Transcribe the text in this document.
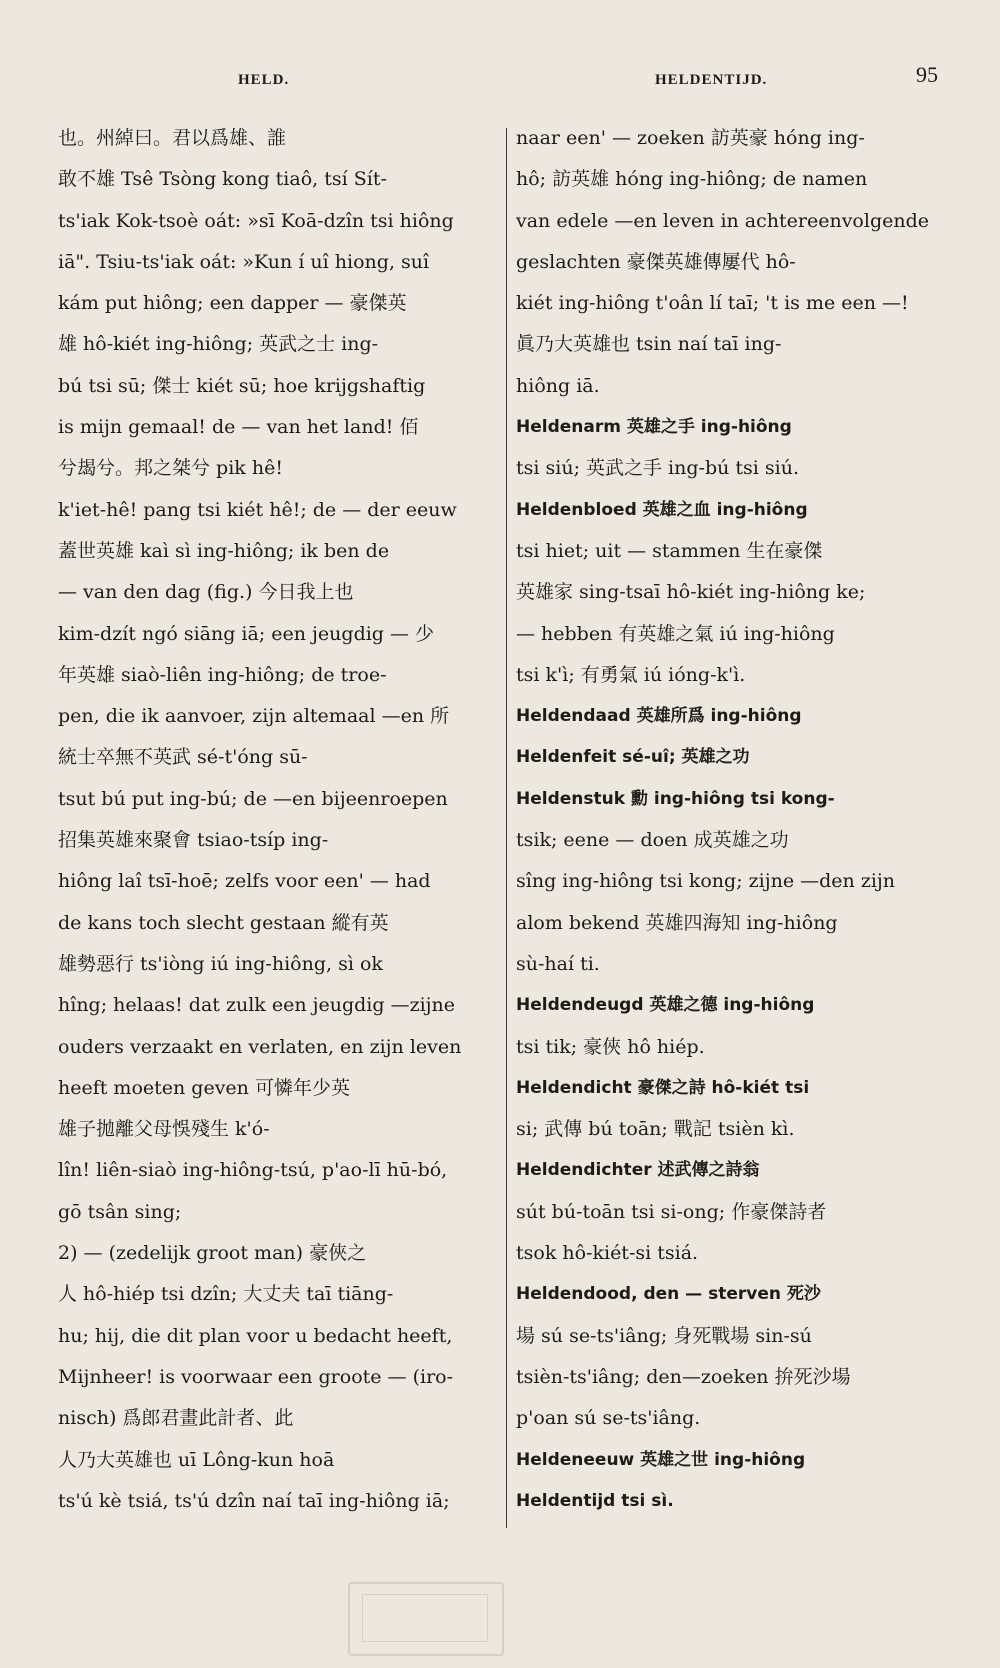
HELD.	HELDENTIJD.	95
也。州綽曰。君以爲雄、誰
敢不雄 Tsê Tsòng kong tiaô, tsí Sít-
ts'iak Kok-tsoè oát: »sī Koā-dzîn tsi hiông
iā". Tsiu-ts'iak oát: »Kun í uî hiong, suî
kám put hiông; een dapper — 豪傑英
雄 hô-kiét ing-hiông; 英武之士 ing-
bú tsi sū; 傑士 kiét sū; hoe krijgshaftig
is mijn gemaal! de — van het land! 佰
兮朅兮。邦之桀兮 pik hê!
k'iet-hê! pang tsi kiét hê!; de — der eeuw
蓋世英雄 kaì sì ing-hiông; ik ben de
— van den dag (fig.) 今日我上也
kim-dzít ngó siāng iā; een jeugdig — 少
年英雄 siaò-liên ing-hiông; de troe-
pen, die ik aanvoer, zijn altemaal —en 所
統士卒無不英武 sé-t'óng sū-
tsut bú put ing-bú; de —en bijeenroepen
招集英雄來聚會 tsiao-tsíp ing-
hiông laî tsī-hoē; zelfs voor een' — had
de kans toch slecht gestaan 縱有英
雄勢惡行 ts'iòng iú ing-hiông, sì ok
hîng; helaas! dat zulk een jeugdig —zijne
ouders verzaakt en verlaten, en zijn leven
heeft moeten geven 可憐年少英
雄子拋離父母悞殘生 k'ó-
lîn! liên-siaò ing-hiông-tsú, p'ao-lī hū-bó,
gō tsân sing;
2) — (zedelijk groot man) 豪俠之
人 hô-hiép tsi dzîn; 大丈夫 taī tiāng-
hu; hij, die dit plan voor u bedacht heeft,
Mijnheer! is voorwaar een groote — (iro-
nisch) 爲郎君畫此計者、此
人乃大英雄也 uī Lông-kun hoā
ts'ú kè tsiá, ts'ú dzîn naí taī ing-hiông iā;
naar een' — zoeken 訪英豪 hóng ing-
hô; 訪英雄 hóng ing-hiông; de namen
van edele —en leven in achtereenvolgende
geslachten 豪傑英雄傳屢代 hô-
kiét ing-hiông t'oân lí taī; 't is me een —!
眞乃大英雄也 tsin naí taī ing-
hiông iā.
Heldenarm 英雄之手 ing-hiông
tsi siú; 英武之手 ing-bú tsi siú.
Heldenbloed 英雄之血 ing-hiông
tsi hiet; uit — stammen 生在豪傑
英雄家 sing-tsaī hô-kiét ing-hiông ke;
— hebben 有英雄之氣 iú ing-hiông
tsi k'ì; 有勇氣 iú ióng-k'ì.
Heldendaad 英雄所爲 ing-hiông
Heldenfeit sé-uî; 英雄之功
Heldenstuk 勳 ing-hiông tsi kong-
tsik; eene — doen 成英雄之功
sîng ing-hiông tsi kong; zijne —den zijn
alom bekend 英雄四海知 ing-hiông
sù-haí ti.
Heldendeugd 英雄之德 ing-hiông
tsi tik; 豪俠 hô hiép.
Heldendicht 豪傑之詩 hô-kiét tsi
si; 武傳 bú toān; 戰記 tsièn kì.
Heldendichter 述武傳之詩翁
sút bú-toān tsi si-ong; 作豪傑詩者
tsok hô-kiét-si tsiá.
Heldendood, den — sterven 死沙
場 sú se-ts'iâng; 身死戰場 sin-sú
tsièn-ts'iâng; den—zoeken 拚死沙場
p'oan sú se-ts'iâng.
Heldeneeuw 英雄之世 ing-hiông
Heldentijd tsi sì.
